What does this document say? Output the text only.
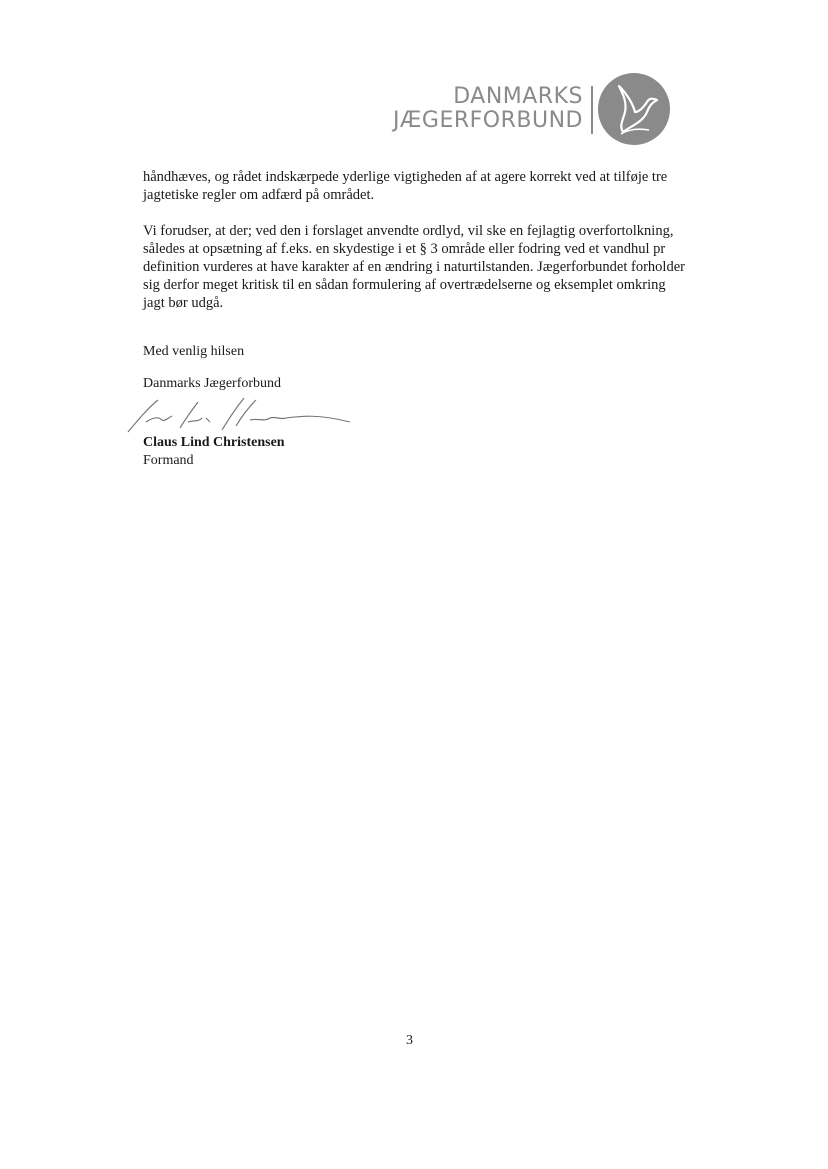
DANMARKS
JÆGERFORBUND

håndhæves, og rådet indskærpede yderlige vigtigheden af at agere korrekt ved at tilføje tre jagtetiske regler om adfærd på området.

Vi forudser, at der; ved den i forslaget anvendte ordlyd, vil ske en fejlagtig overfortolkning, således at opsætning af f.eks. en skydestige i et § 3 område eller fodring ved et vandhul pr definition vurderes at have karakter af en ændring i naturtilstanden. Jægerforbundet forholder sig derfor meget kritisk til en sådan formulering af overtrædelserne og eksemplet omkring jagt bør udgå.

Med venlig hilsen
Danmarks Jægerforbund
Claus Lind Christensen
Formand
3
